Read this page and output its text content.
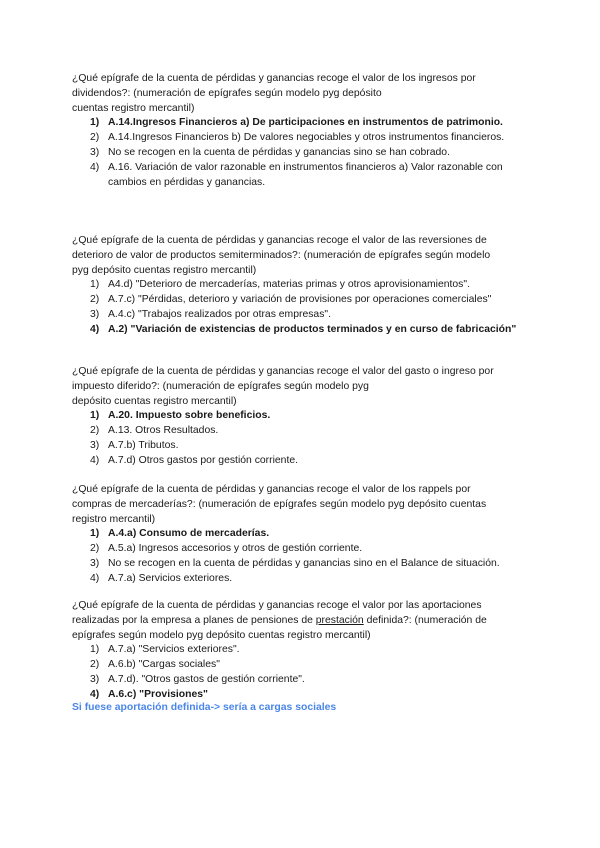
¿Qué epígrafe de la cuenta de pérdidas y ganancias recoge el valor de los ingresos por
dividendos?: (numeración de epígrafes según modelo pyg depósito
cuentas registro mercantil)

1) A.14.Ingresos Financieros a) De participaciones en instrumentos de patrimonio.
2) A.14.Ingresos Financieros b) De valores negociables y otros instrumentos financieros.
3) No se recogen en la cuenta de pérdidas y ganancias sino se han cobrado.
4) A.16. Variación de valor razonable en instrumentos financieros a) Valor razonable con cambios en pérdidas y ganancias.

¿Qué epígrafe de la cuenta de pérdidas y ganancias recoge el valor de las reversiones de
deterioro de valor de productos semiterminados?: (numeración de epígrafes según modelo
pyg depósito cuentas registro mercantil)

1) A4.d) "Deterioro de mercaderías, materias primas y otros aprovisionamientos".
2) A.7.c) "Pérdidas, deterioro y variación de provisiones por operaciones comerciales"
3) A.4.c) "Trabajos realizados por otras empresas".
4) A.2) "Variación de existencias de productos terminados y en curso de fabricación"

¿Qué epígrafe de la cuenta de pérdidas y ganancias recoge el valor del gasto o ingreso por
impuesto diferido?: (numeración de epígrafes según modelo pyg
depósito cuentas registro mercantil)

1) A.20. Impuesto sobre beneficios.
2) A.13. Otros Resultados.
3) A.7.b) Tributos.
4) A.7.d) Otros gastos por gestión corriente.

¿Qué epígrafe de la cuenta de pérdidas y ganancias recoge el valor de los rappels por
compras de mercaderías?: (numeración de epígrafes según modelo pyg depósito cuentas
registro mercantil)

1) A.4.a) Consumo de mercaderías.
2) A.5.a) Ingresos accesorios y otros de gestión corriente.
3) No se recogen en la cuenta de pérdidas y ganancias sino en el Balance de situación.
4) A.7.a) Servicios exteriores.

¿Qué epígrafe de la cuenta de pérdidas y ganancias recoge el valor por las aportaciones
realizadas por la empresa a planes de pensiones de prestación definida?: (numeración de
epígrafes según modelo pyg depósito cuentas registro mercantil)

1) A.7.a) "Servicios exteriores".
2) A.6.b) "Cargas sociales"
3) A.7.d). "Otros gastos de gestión corriente".
4) A.6.c) "Provisiones"
Si fuese aportación definida-> sería a cargas sociales
